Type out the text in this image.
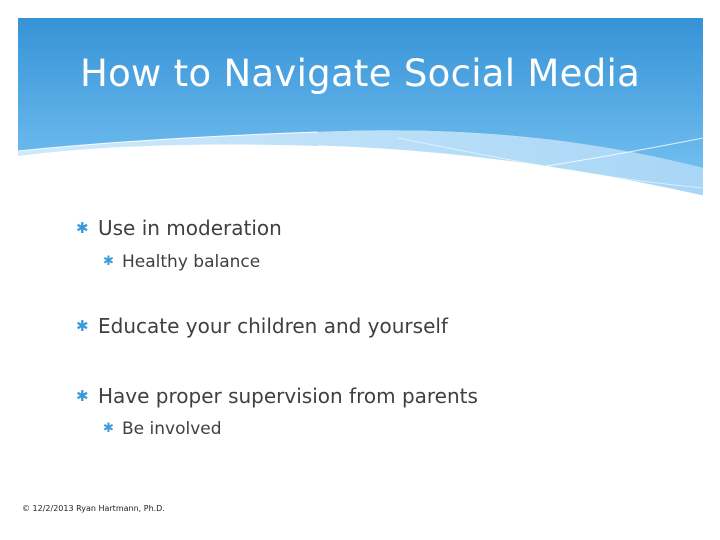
How to Navigate Social Media
✱ Use in moderation
✱ Healthy balance
✱ Educate your children and yourself
✱ Have proper supervision from parents
✱ Be involved
© 12/2/2013 Ryan Hartmann, Ph.D.
